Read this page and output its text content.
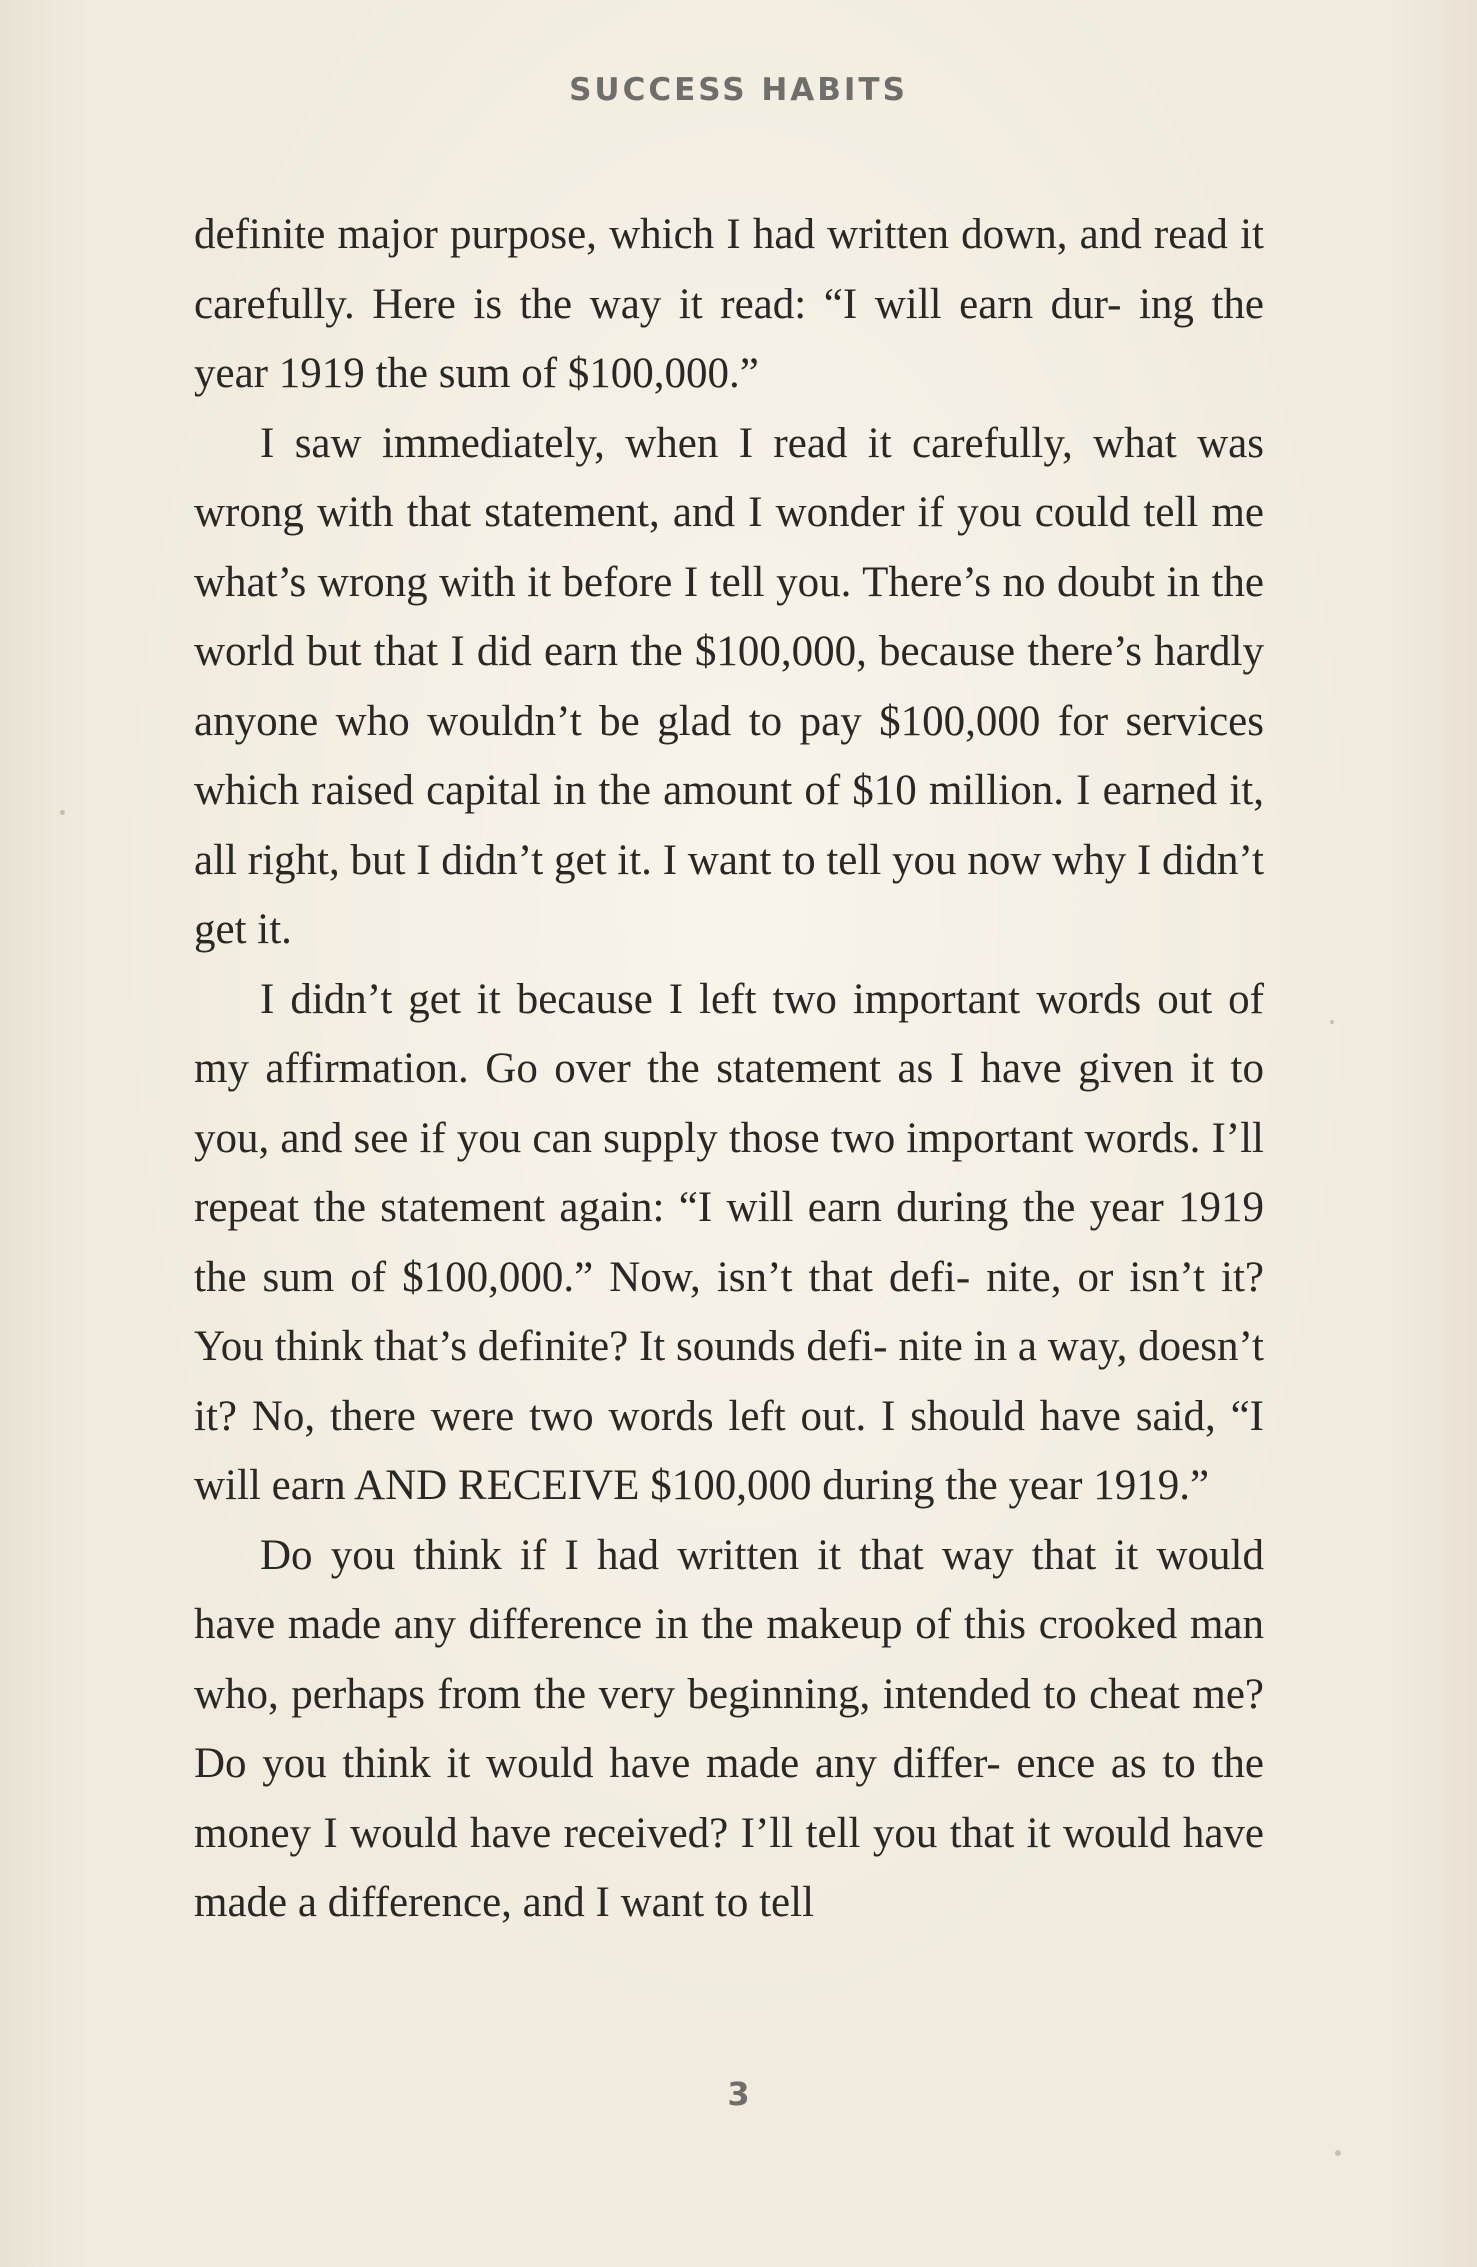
SUCCESS HABITS

definite major purpose, which I had written down, and read it carefully. Here is the way it read: “I will earn dur- ing the year 1919 the sum of $100,000.”

I saw immediately, when I read it carefully, what was wrong with that statement, and I wonder if you could tell me what’s wrong with it before I tell you. There’s no doubt in the world but that I did earn the $100,000, because there’s hardly anyone who wouldn’t be glad to pay $100,000 for services which raised capital in the amount of $10 million. I earned it, all right, but I didn’t get it. I want to tell you now why I didn’t get it.

I didn’t get it because I left two important words out of my affirmation. Go over the statement as I have given it to you, and see if you can supply those two important words. I’ll repeat the statement again: “I will earn during the year 1919 the sum of $100,000.” Now, isn’t that defi- nite, or isn’t it? You think that’s definite? It sounds defi- nite in a way, doesn’t it? No, there were two words left out. I should have said, “I will earn AND RECEIVE $100,000 during the year 1919.”

Do you think if I had written it that way that it would have made any difference in the makeup of this crooked man who, perhaps from the very beginning, intended to cheat me? Do you think it would have made any differ- ence as to the money I would have received? I’ll tell you that it would have made a difference, and I want to tell

3
